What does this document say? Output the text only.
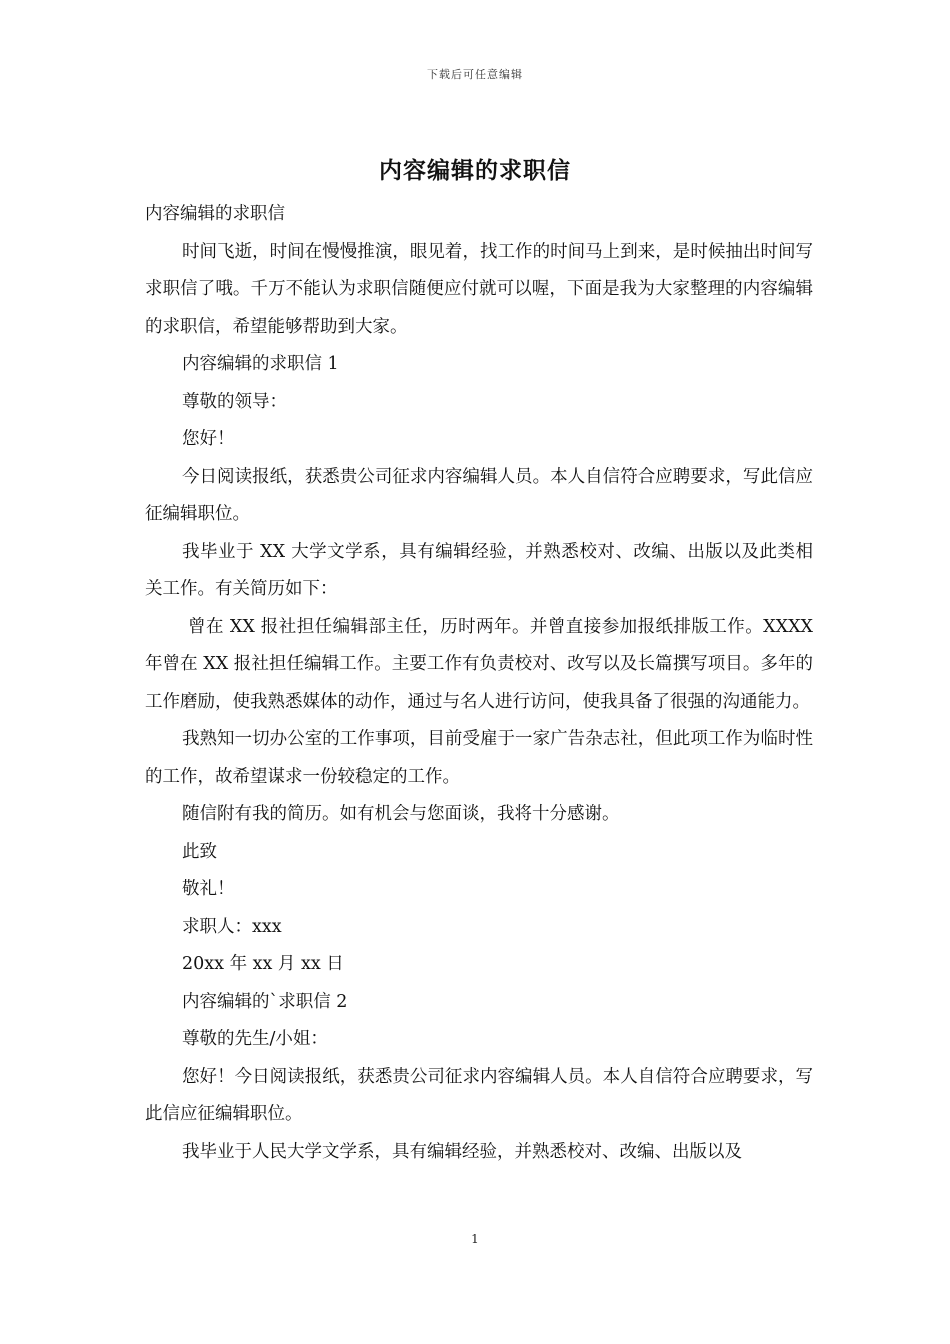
下载后可任意编辑
内容编辑的求职信

内容编辑的求职信

时间飞逝，时间在慢慢推演，眼见着，找工作的时间马上到来，是时候抽出时间写求职信了哦。千万不能认为求职信随便应付就可以喔，下面是我为大家整理的内容编辑的求职信，希望能够帮助到大家。

内容编辑的求职信 1

尊敬的领导：

您好！

今日阅读报纸，获悉贵公司征求内容编辑人员。本人自信符合应聘要求，写此信应征编辑职位。

我毕业于 XX 大学文学系，具有编辑经验，并熟悉校对、改编、出版以及此类相关工作。有关简历如下：

曾在 XX 报社担任编辑部主任，历时两年。并曾直接参加报纸排版工作。XXXX 年曾在 XX 报社担任编辑工作。主要工作有负责校对、改写以及长篇撰写项目。多年的工作磨励，使我熟悉媒体的动作，通过与名人进行访问，使我具备了很强的沟通能力。

我熟知一切办公室的工作事项，目前受雇于一家广告杂志社，但此项工作为临时性的工作，故希望谋求一份较稳定的工作。

随信附有我的简历。如有机会与您面谈，我将十分感谢。

此致

敬礼！

求职人：xxx

20xx 年 xx 月 xx 日

内容编辑的`求职信 2

尊敬的先生/小姐：

您好！今日阅读报纸，获悉贵公司征求内容编辑人员。本人自信符合应聘要求，写此信应征编辑职位。

我毕业于人民大学文学系，具有编辑经验，并熟悉校对、改编、出版以及

1
